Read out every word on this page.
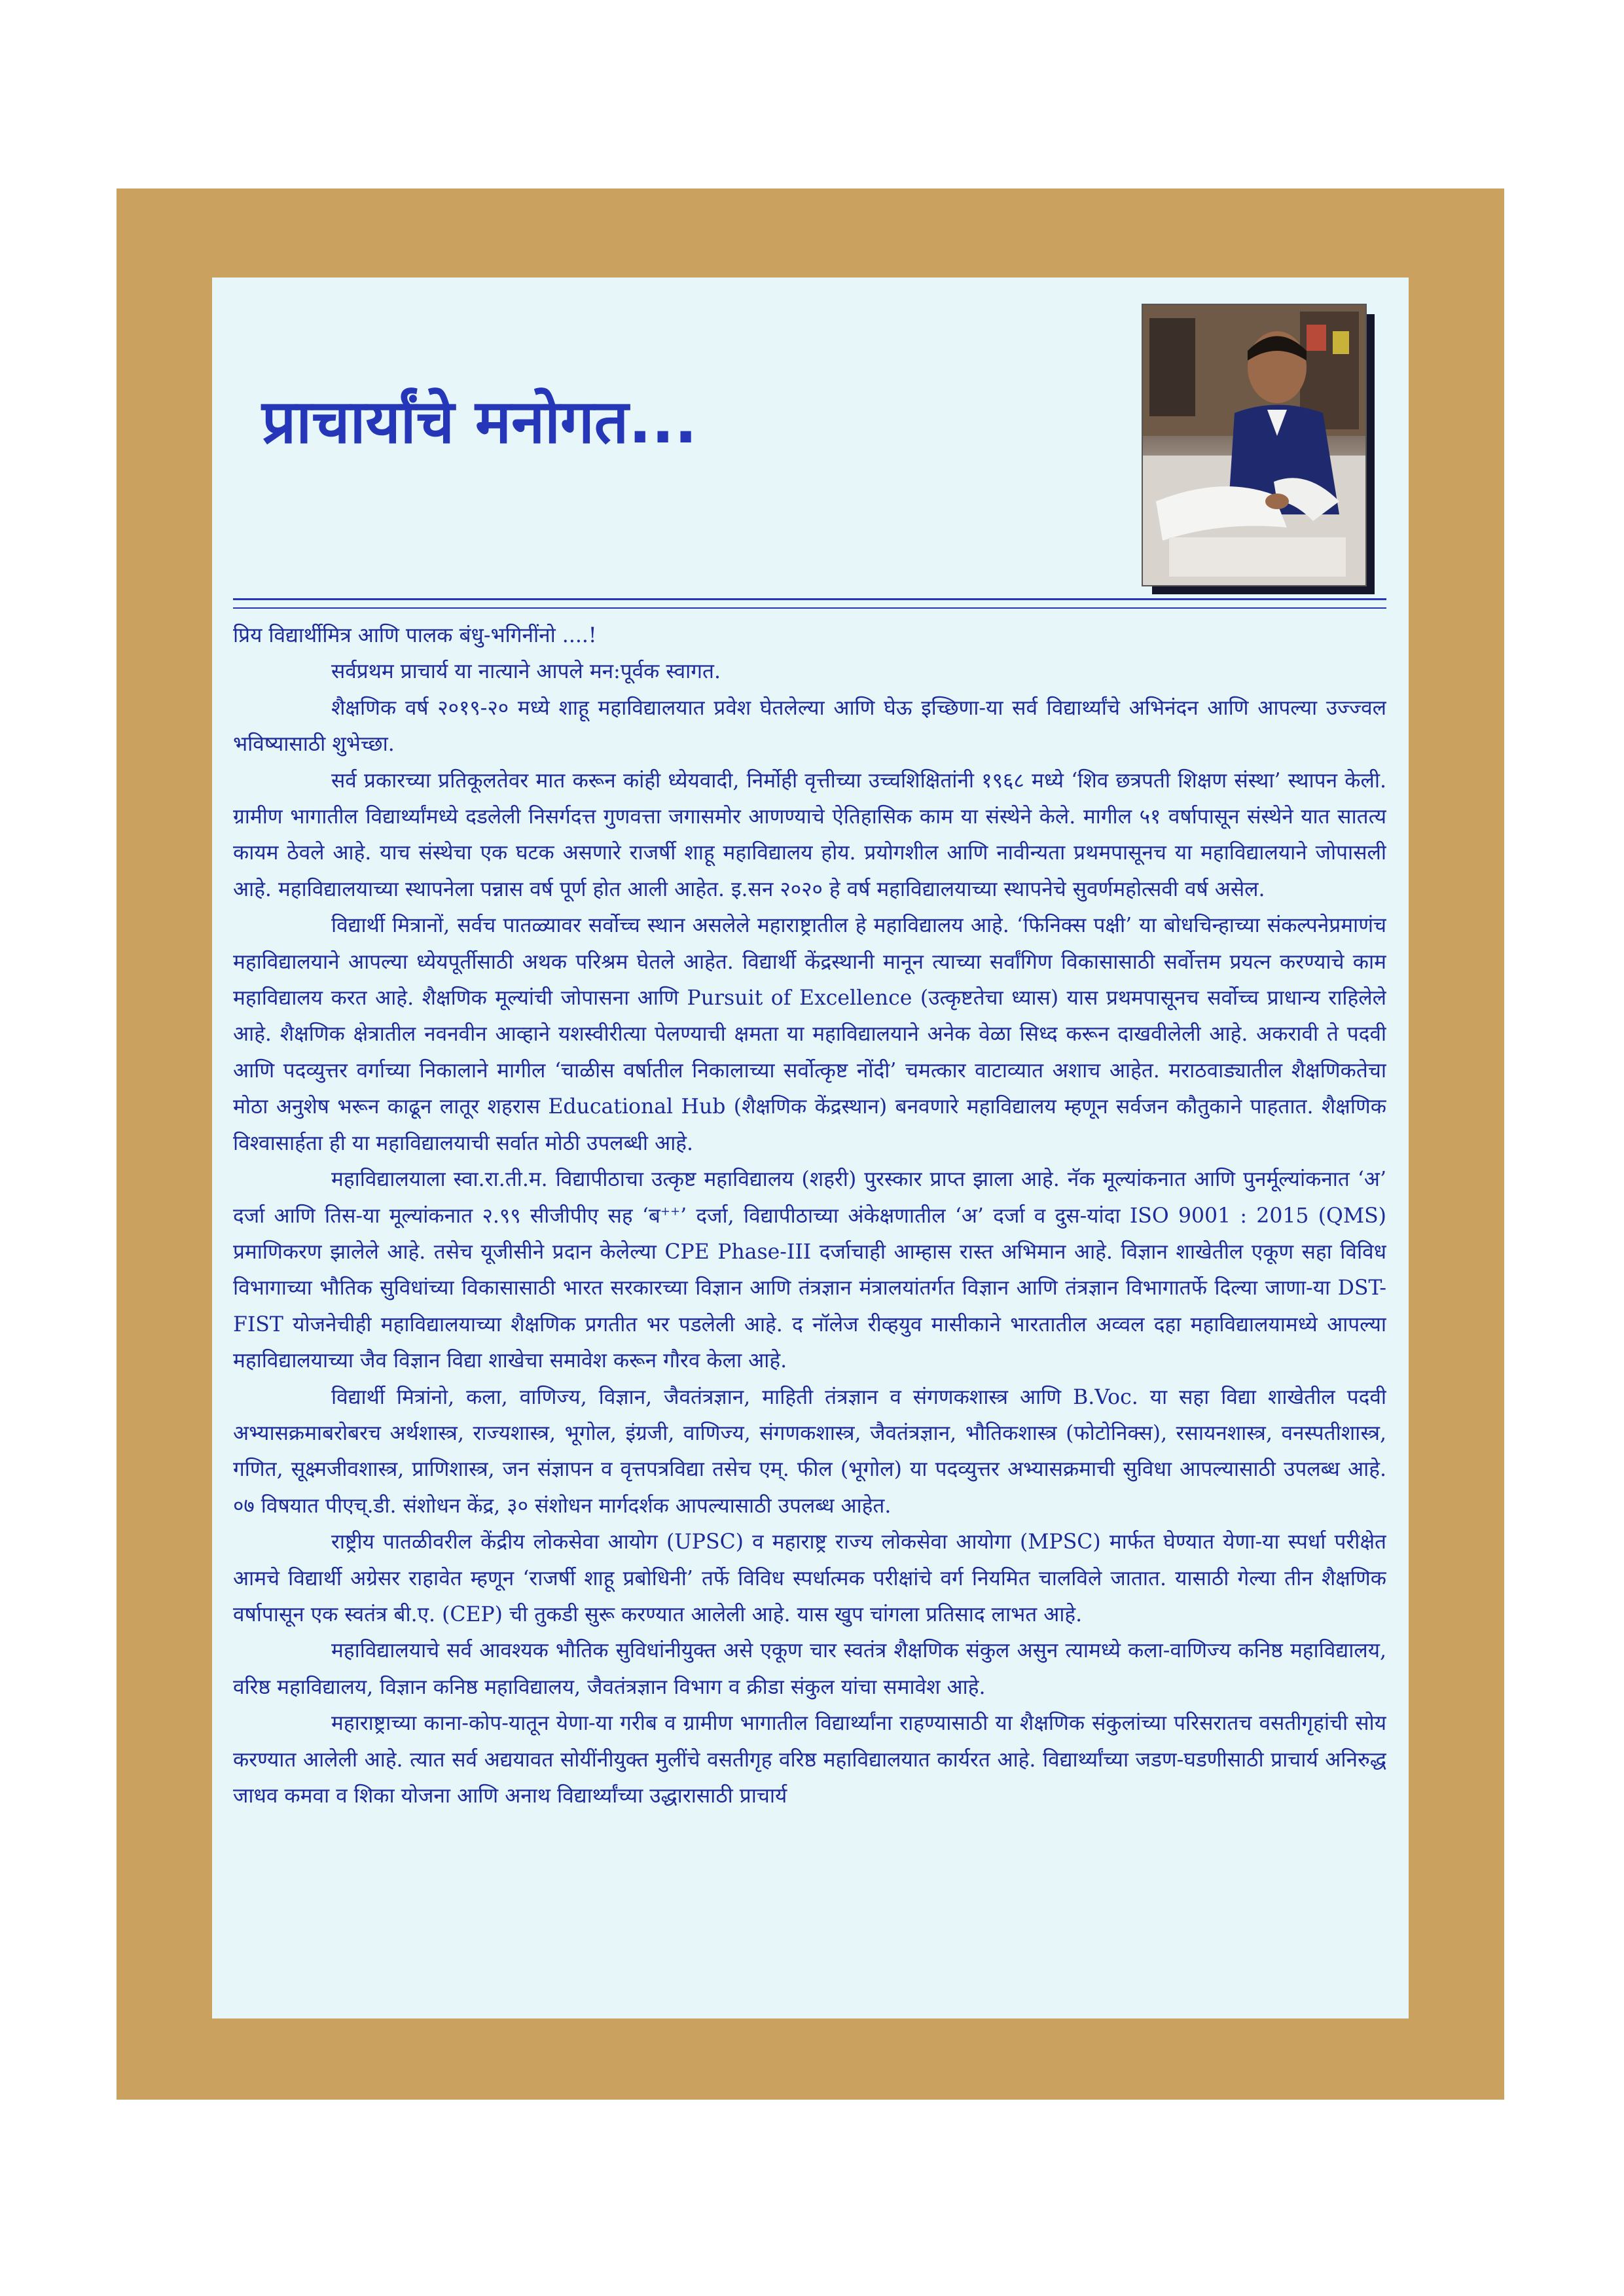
प्राचार्यांचे मनोगत...

प्रिय विद्यार्थीमित्र आणि पालक बंधु-भगिनींनो ....!

सर्वप्रथम प्राचार्य या नात्याने आपले मन:पूर्वक स्वागत.

शैक्षणिक वर्ष २०१९-२० मध्ये शाहू महाविद्यालयात प्रवेश घेतलेल्या आणि घेऊ इच्छिणा-या सर्व विद्यार्थ्यांचे अभिनंदन आणि आपल्या उज्ज्वल भविष्यासाठी शुभेच्छा.

सर्व प्रकारच्या प्रतिकूलतेवर मात करून कांही ध्येयवादी, निर्मोही वृत्तीच्या उच्चशिक्षितांनी १९६८ मध्ये ‘शिव छत्रपती शिक्षण संस्था’ स्थापन केली. ग्रामीण भागातील विद्यार्थ्यांमध्ये दडलेली निसर्गदत्त गुणवत्ता जगासमोर आणण्याचे ऐतिहासिक काम या संस्थेने केले. मागील ५१ वर्षापासून संस्थेने यात सातत्य कायम ठेवले आहे. याच संस्थेचा एक घटक असणारे राजर्षी शाहू महाविद्यालय होय. प्रयोगशील आणि नावीन्यता प्रथमपासूनच या महाविद्यालयाने जोपासली आहे. महाविद्यालयाच्या स्थापनेला पन्नास वर्ष पूर्ण होत आली आहेत. इ.सन २०२० हे वर्ष महाविद्यालयाच्या स्थापनेचे सुवर्णमहोत्सवी वर्ष असेल.

विद्यार्थी मित्रानों, सर्वच पातळ्यावर सर्वोच्च स्थान असलेले महाराष्ट्रातील हे महाविद्यालय आहे. ‘फिनिक्स पक्षी’ या बोधचिन्हाच्या संकल्पनेप्रमाणंच महाविद्यालयाने आपल्या ध्येयपूर्तीसाठी अथक परिश्रम घेतले आहेत. विद्यार्थी केंद्रस्थानी मानून त्याच्या सर्वांगिण विकासासाठी सर्वोत्तम प्रयत्न करण्याचे काम महाविद्यालय करत आहे. शैक्षणिक मूल्यांची जोपासना आणि Pursuit of Excellence (उत्कृष्टतेचा ध्यास) यास प्रथमपासूनच सर्वोच्च प्राधान्य राहिलेले आहे. शैक्षणिक क्षेत्रातील नवनवीन आव्हाने यशस्वीरीत्या पेलण्याची क्षमता या महाविद्यालयाने अनेक वेळा सिध्द करून दाखवीलेली आहे. अकरावी ते पदवी आणि पदव्युत्तर वर्गाच्या निकालाने मागील ‘चाळीस वर्षातील निकालाच्या सर्वोत्कृष्ट नोंदी’ चमत्कार वाटाव्यात अशाच आहेत. मराठवाड्यातील शैक्षणिकतेचा मोठा अनुशेष भरून काढून लातूर शहरास Educational Hub (शैक्षणिक केंद्रस्थान) बनवणारे महाविद्यालय म्हणून सर्वजन कौतुकाने पाहतात. शैक्षणिक विश्वासार्हता ही या महाविद्यालयाची सर्वात मोठी उपलब्धी आहे.

महाविद्यालयाला स्वा.रा.ती.म. विद्यापीठाचा उत्कृष्ट महाविद्यालय (शहरी) पुरस्कार प्राप्त झाला आहे. नॅक मूल्यांकनात आणि पुनर्मूल्यांकनात ‘अ’ दर्जा आणि तिस-या मूल्यांकनात २.९९ सीजीपीए सह ‘ब++’ दर्जा, विद्यापीठाच्या अंकेक्षणातील ‘अ’ दर्जा व दुस-यांदा ISO 9001 : 2015 (QMS) प्रमाणिकरण झालेले आहे. तसेच यूजीसीने प्रदान केलेल्या CPE Phase-III दर्जाचाही आम्हास रास्त अभिमान आहे. विज्ञान शाखेतील एकूण सहा विविध विभागाच्या भौतिक सुविधांच्या विकासासाठी भारत सरकारच्या विज्ञान आणि तंत्रज्ञान मंत्रालयांतर्गत विज्ञान आणि तंत्रज्ञान विभागातर्फे दिल्या जाणा-या DST-FIST योजनेचीही महाविद्यालयाच्या शैक्षणिक प्रगतीत भर पडलेली आहे. द नॉलेज रीव्हयुव मासीकाने भारतातील अव्वल दहा महाविद्यालयामध्ये आपल्या महाविद्यालयाच्या जैव विज्ञान विद्या शाखेचा समावेश करून गौरव केला आहे.

विद्यार्थी मित्रांनो, कला, वाणिज्य, विज्ञान, जैवतंत्रज्ञान, माहिती तंत्रज्ञान व संगणकशास्त्र आणि B.Voc. या सहा विद्या शाखेतील पदवी अभ्यासक्रमाबरोबरच अर्थशास्त्र, राज्यशास्त्र, भूगोल, इंग्रजी, वाणिज्य, संगणकशास्त्र, जैवतंत्रज्ञान, भौतिकशास्त्र (फोटोनिक्स), रसायनशास्त्र, वनस्पतीशास्त्र, गणित, सूक्ष्मजीवशास्त्र, प्राणिशास्त्र, जन संज्ञापन व वृत्तपत्रविद्या तसेच एम्. फील (भूगोल) या पदव्युत्तर अभ्यासक्रमाची सुविधा आपल्यासाठी उपलब्ध आहे. ०७ विषयात पीएच्.डी. संशोधन केंद्र, ३० संशोधन मार्गदर्शक आपल्यासाठी उपलब्ध आहेत.

राष्ट्रीय पातळीवरील केंद्रीय लोकसेवा आयोग (UPSC) व महाराष्ट्र राज्य लोकसेवा आयोगा (MPSC) मार्फत घेण्यात येणा-या स्पर्धा परीक्षेत आमचे विद्यार्थी अग्रेसर राहावेत म्हणून ‘राजर्षी शाहू प्रबोधिनी’ तर्फे विविध स्पर्धात्मक परीक्षांचे वर्ग नियमित चालविले जातात. यासाठी गेल्या तीन शैक्षणिक वर्षापासून एक स्वतंत्र बी.ए. (CEP) ची तुकडी सुरू करण्यात आलेली आहे. यास खुप चांगला प्रतिसाद लाभत आहे.

महाविद्यालयाचे सर्व आवश्यक भौतिक सुविधांनीयुक्त असे एकूण चार स्वतंत्र शैक्षणिक संकुल असुन त्यामध्ये कला-वाणिज्य कनिष्ठ महाविद्यालय, वरिष्ठ महाविद्यालय, विज्ञान कनिष्ठ महाविद्यालय, जैवतंत्रज्ञान विभाग व क्रीडा संकुल यांचा समावेश आहे.

महाराष्ट्राच्या काना-कोप-यातून येणा-या गरीब व ग्रामीण भागातील विद्यार्थ्यांना राहण्यासाठी या शैक्षणिक संकुलांच्या परिसरातच वसतीगृहांची सोय करण्यात आलेली आहे. त्यात सर्व अद्ययावत सोयींनीयुक्त मुलींचे वसतीगृह वरिष्ठ महाविद्यालयात कार्यरत आहे. विद्यार्थ्यांच्या जडण-घडणीसाठी प्राचार्य अनिरुद्ध जाधव कमवा व शिका योजना आणि अनाथ विद्यार्थ्यांच्या उद्धारासाठी प्राचार्य
